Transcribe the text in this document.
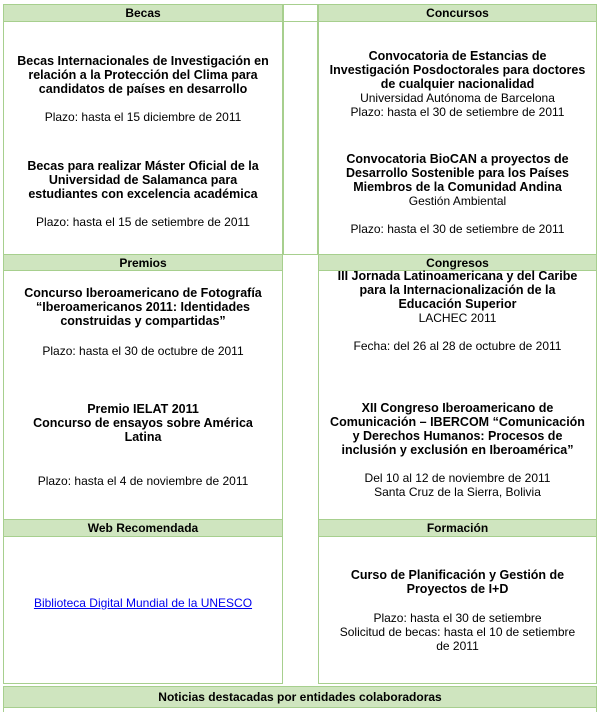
Becas
Becas Internacionales de Investigación en
relación a la Protección del Clima para
candidatos de países en desarrollo
Plazo: hasta el 15 diciembre de 2011
Becas para realizar Máster Oficial de la
Universidad de Salamanca para
estudiantes con excelencia académica
Plazo: hasta el 15 de setiembre de 2011
Concursos
Convocatoria de Estancias de
Investigación Posdoctorales para doctores
de cualquier nacionalidad
Universidad Autónoma de Barcelona
Plazo: hasta el 30 de setiembre de 2011
Convocatoria BioCAN a proyectos de
Desarrollo Sostenible para los Países
Miembros de la Comunidad Andina
Gestión Ambiental
Plazo: hasta el 30 de setiembre de 2011
Premios
Concurso Iberoamericano de Fotografía
“Iberoamericanos 2011: Identidades
construidas y compartidas”
Plazo: hasta el 30 de octubre de 2011
Premio IELAT 2011
Concurso de ensayos sobre América
Latina
Plazo: hasta el 4 de noviembre de 2011
Congresos
III Jornada Latinoamericana y del Caribe
para la Internacionalización de la
Educación Superior
LACHEC 2011
Fecha: del 26 al 28 de octubre de 2011
XII Congreso Iberoamericano de
Comunicación – IBERCOM “Comunicación
y Derechos Humanos: Procesos de
inclusión y exclusión en Iberoamérica”
Del 10 al 12 de noviembre de 2011
Santa Cruz de la Sierra, Bolivia
Web Recomendada
Biblioteca Digital Mundial de la UNESCO
Formación
Curso de Planificación y Gestión de
Proyectos de I+D
Plazo: hasta el 30 de setiembre
Solicitud de becas: hasta el 10 de setiembre
de 2011
Noticias destacadas por entidades colaboradoras
